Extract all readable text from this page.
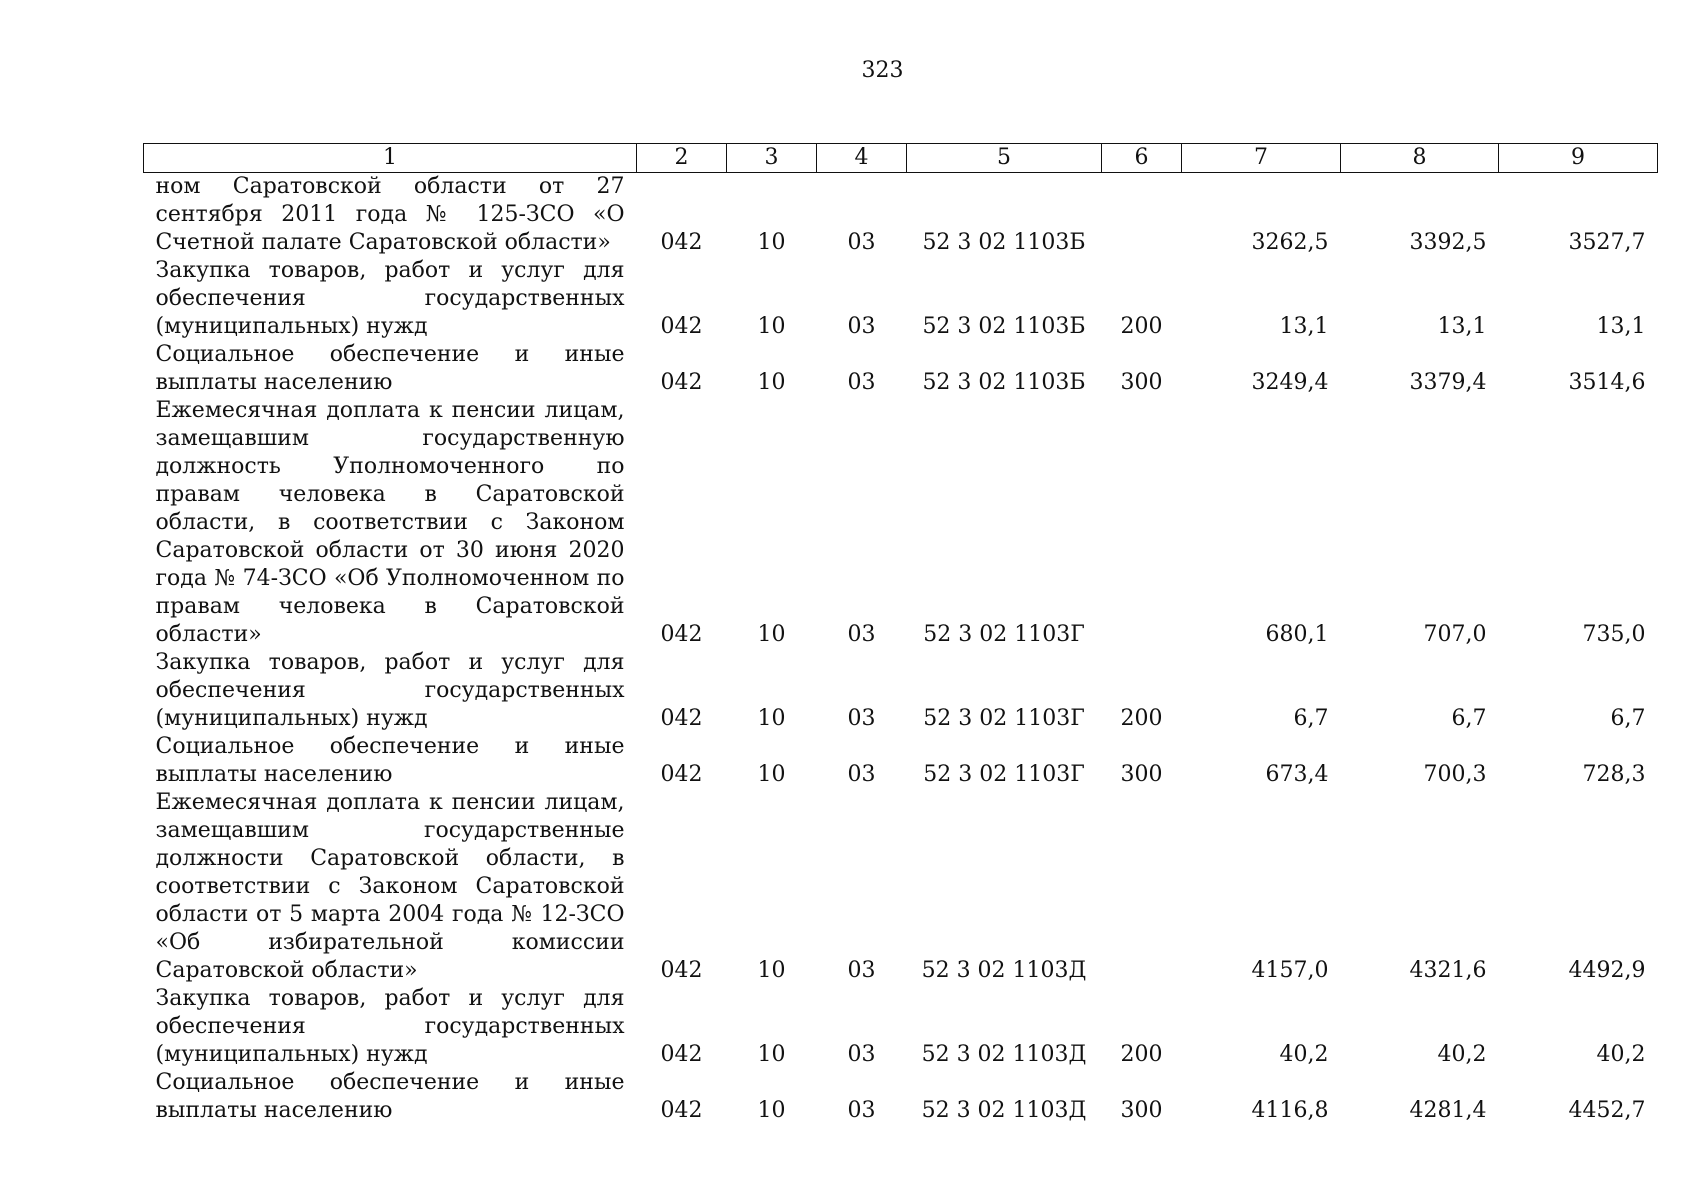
323
1	2	3	4	5	6	7	8	9
ном Саратовской области от 27 сентября 2011 года № 125-ЗСО «О Счетной палате Саратовской области»	042	10	03	52 3 02 1103Б		3262,5	3392,5	3527,7
Закупка товаров, работ и услуг для обеспечения государственных (муниципальных) нужд	042	10	03	52 3 02 1103Б	200	13,1	13,1	13,1
Социальное обеспечение и иные выплаты населению	042	10	03	52 3 02 1103Б	300	3249,4	3379,4	3514,6
Ежемесячная доплата к пенсии лицам, замещавшим государственную должность Уполномоченного по правам человека в Саратовской области, в соответствии с Законом Саратовской области от 30 июня 2020 года № 74-ЗСО «Об Уполномоченном по правам человека в Саратовской области»	042	10	03	52 3 02 1103Г		680,1	707,0	735,0
Закупка товаров, работ и услуг для обеспечения государственных (муниципальных) нужд	042	10	03	52 3 02 1103Г	200	6,7	6,7	6,7
Социальное обеспечение и иные выплаты населению	042	10	03	52 3 02 1103Г	300	673,4	700,3	728,3
Ежемесячная доплата к пенсии лицам, замещавшим государственные должности Саратовской области, в соответствии с Законом Саратовской области от 5 марта 2004 года № 12-ЗСО «Об избирательной комиссии Саратовской области»	042	10	03	52 3 02 1103Д		4157,0	4321,6	4492,9
Закупка товаров, работ и услуг для обеспечения государственных (муниципальных) нужд	042	10	03	52 3 02 1103Д	200	40,2	40,2	40,2
Социальное обеспечение и иные выплаты населению	042	10	03	52 3 02 1103Д	300	4116,8	4281,4	4452,7
